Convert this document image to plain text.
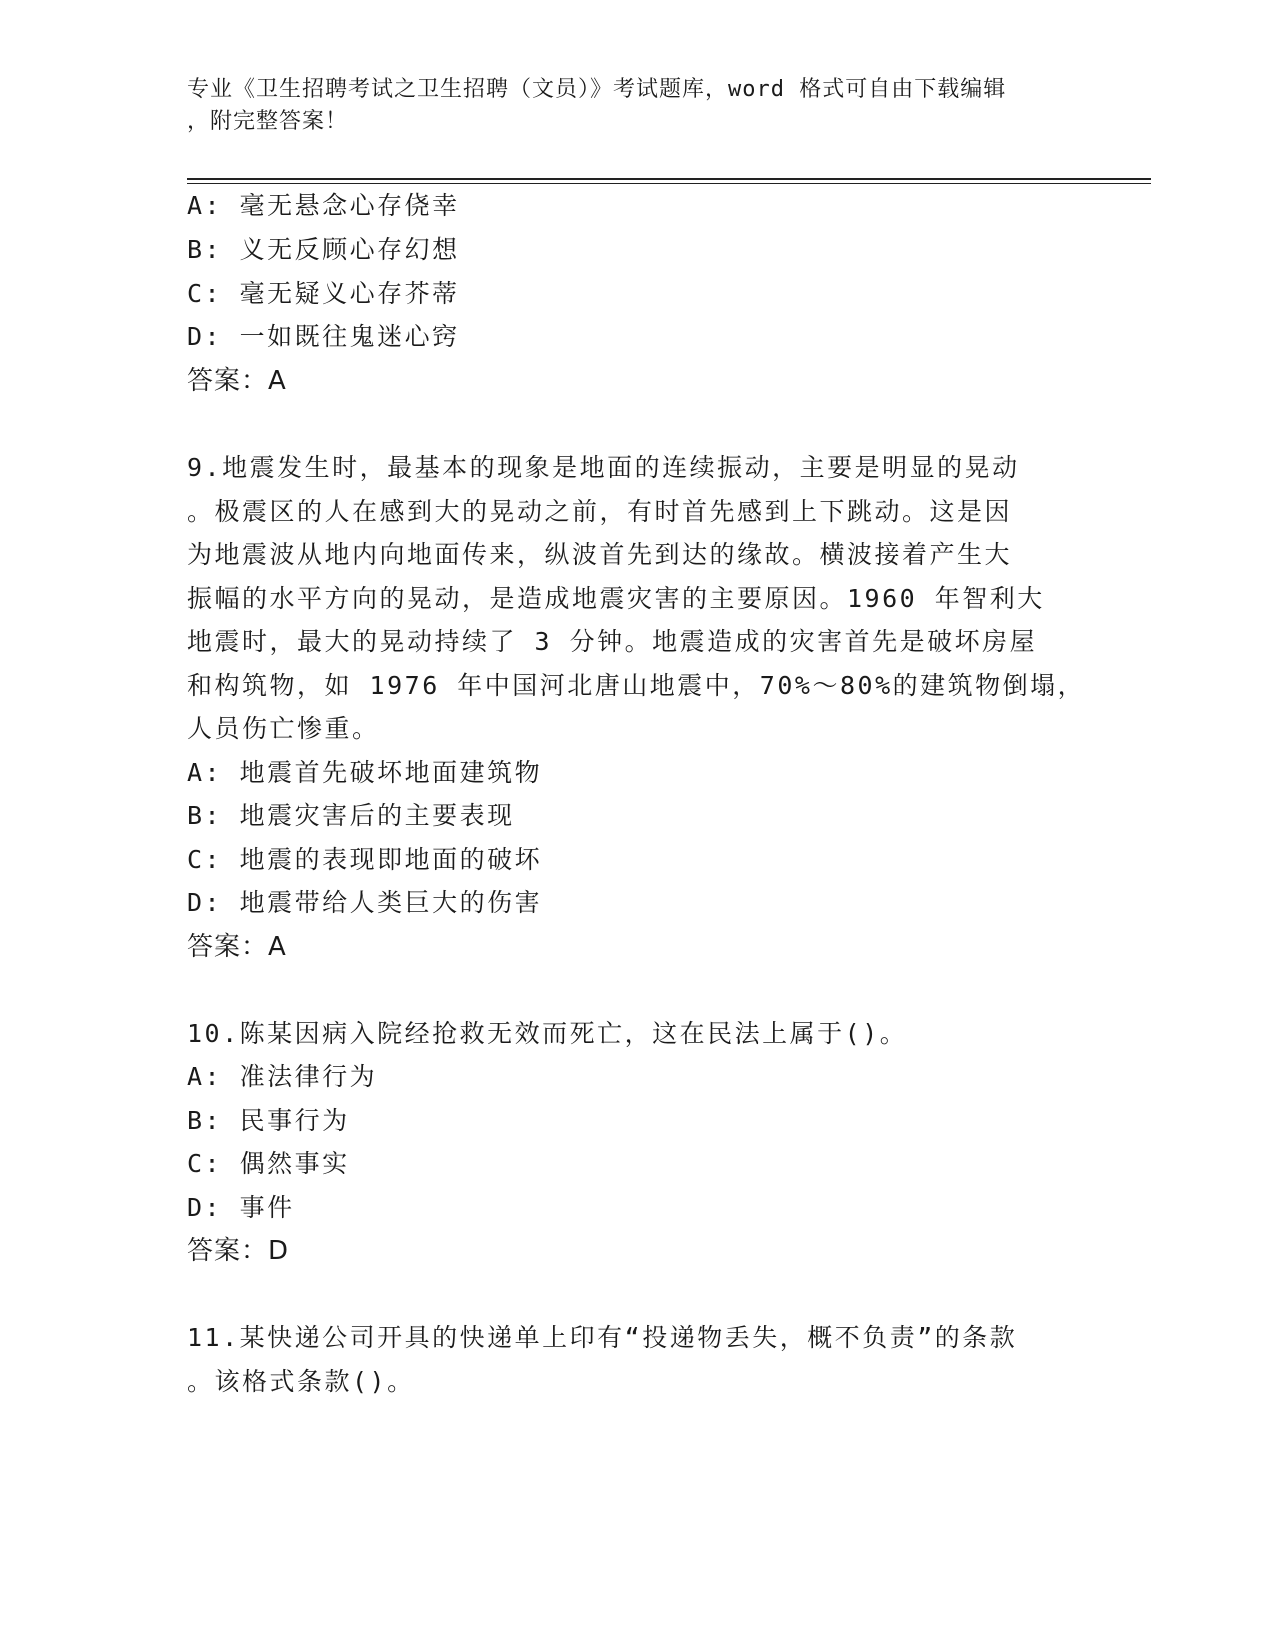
专业《卫生招聘考试之卫生招聘（文员）》考试题库，word 格式可自由下载编辑
，附完整答案！
A: 毫无悬念心存侥幸
B: 义无反顾心存幻想
C: 毫无疑义心存芥蒂
D: 一如既往鬼迷心窍
答案：A
9.地震发生时，最基本的现象是地面的连续振动，主要是明显的晃动
。极震区的人在感到大的晃动之前，有时首先感到上下跳动。这是因
为地震波从地内向地面传来，纵波首先到达的缘故。横波接着产生大
振幅的水平方向的晃动，是造成地震灾害的主要原因。1960 年智利大
地震时，最大的晃动持续了 3 分钟。地震造成的灾害首先是破坏房屋
和构筑物，如 1976 年中国河北唐山地震中，70%～80%的建筑物倒塌，
人员伤亡惨重。
A: 地震首先破坏地面建筑物
B: 地震灾害后的主要表现
C: 地震的表现即地面的破坏
D: 地震带给人类巨大的伤害
答案：A
10.陈某因病入院经抢救无效而死亡，这在民法上属于()。
A: 准法律行为
B: 民事行为
C: 偶然事实
D: 事件
答案：D
11.某快递公司开具的快递单上印有“投递物丢失，概不负责”的条款
。该格式条款()。
